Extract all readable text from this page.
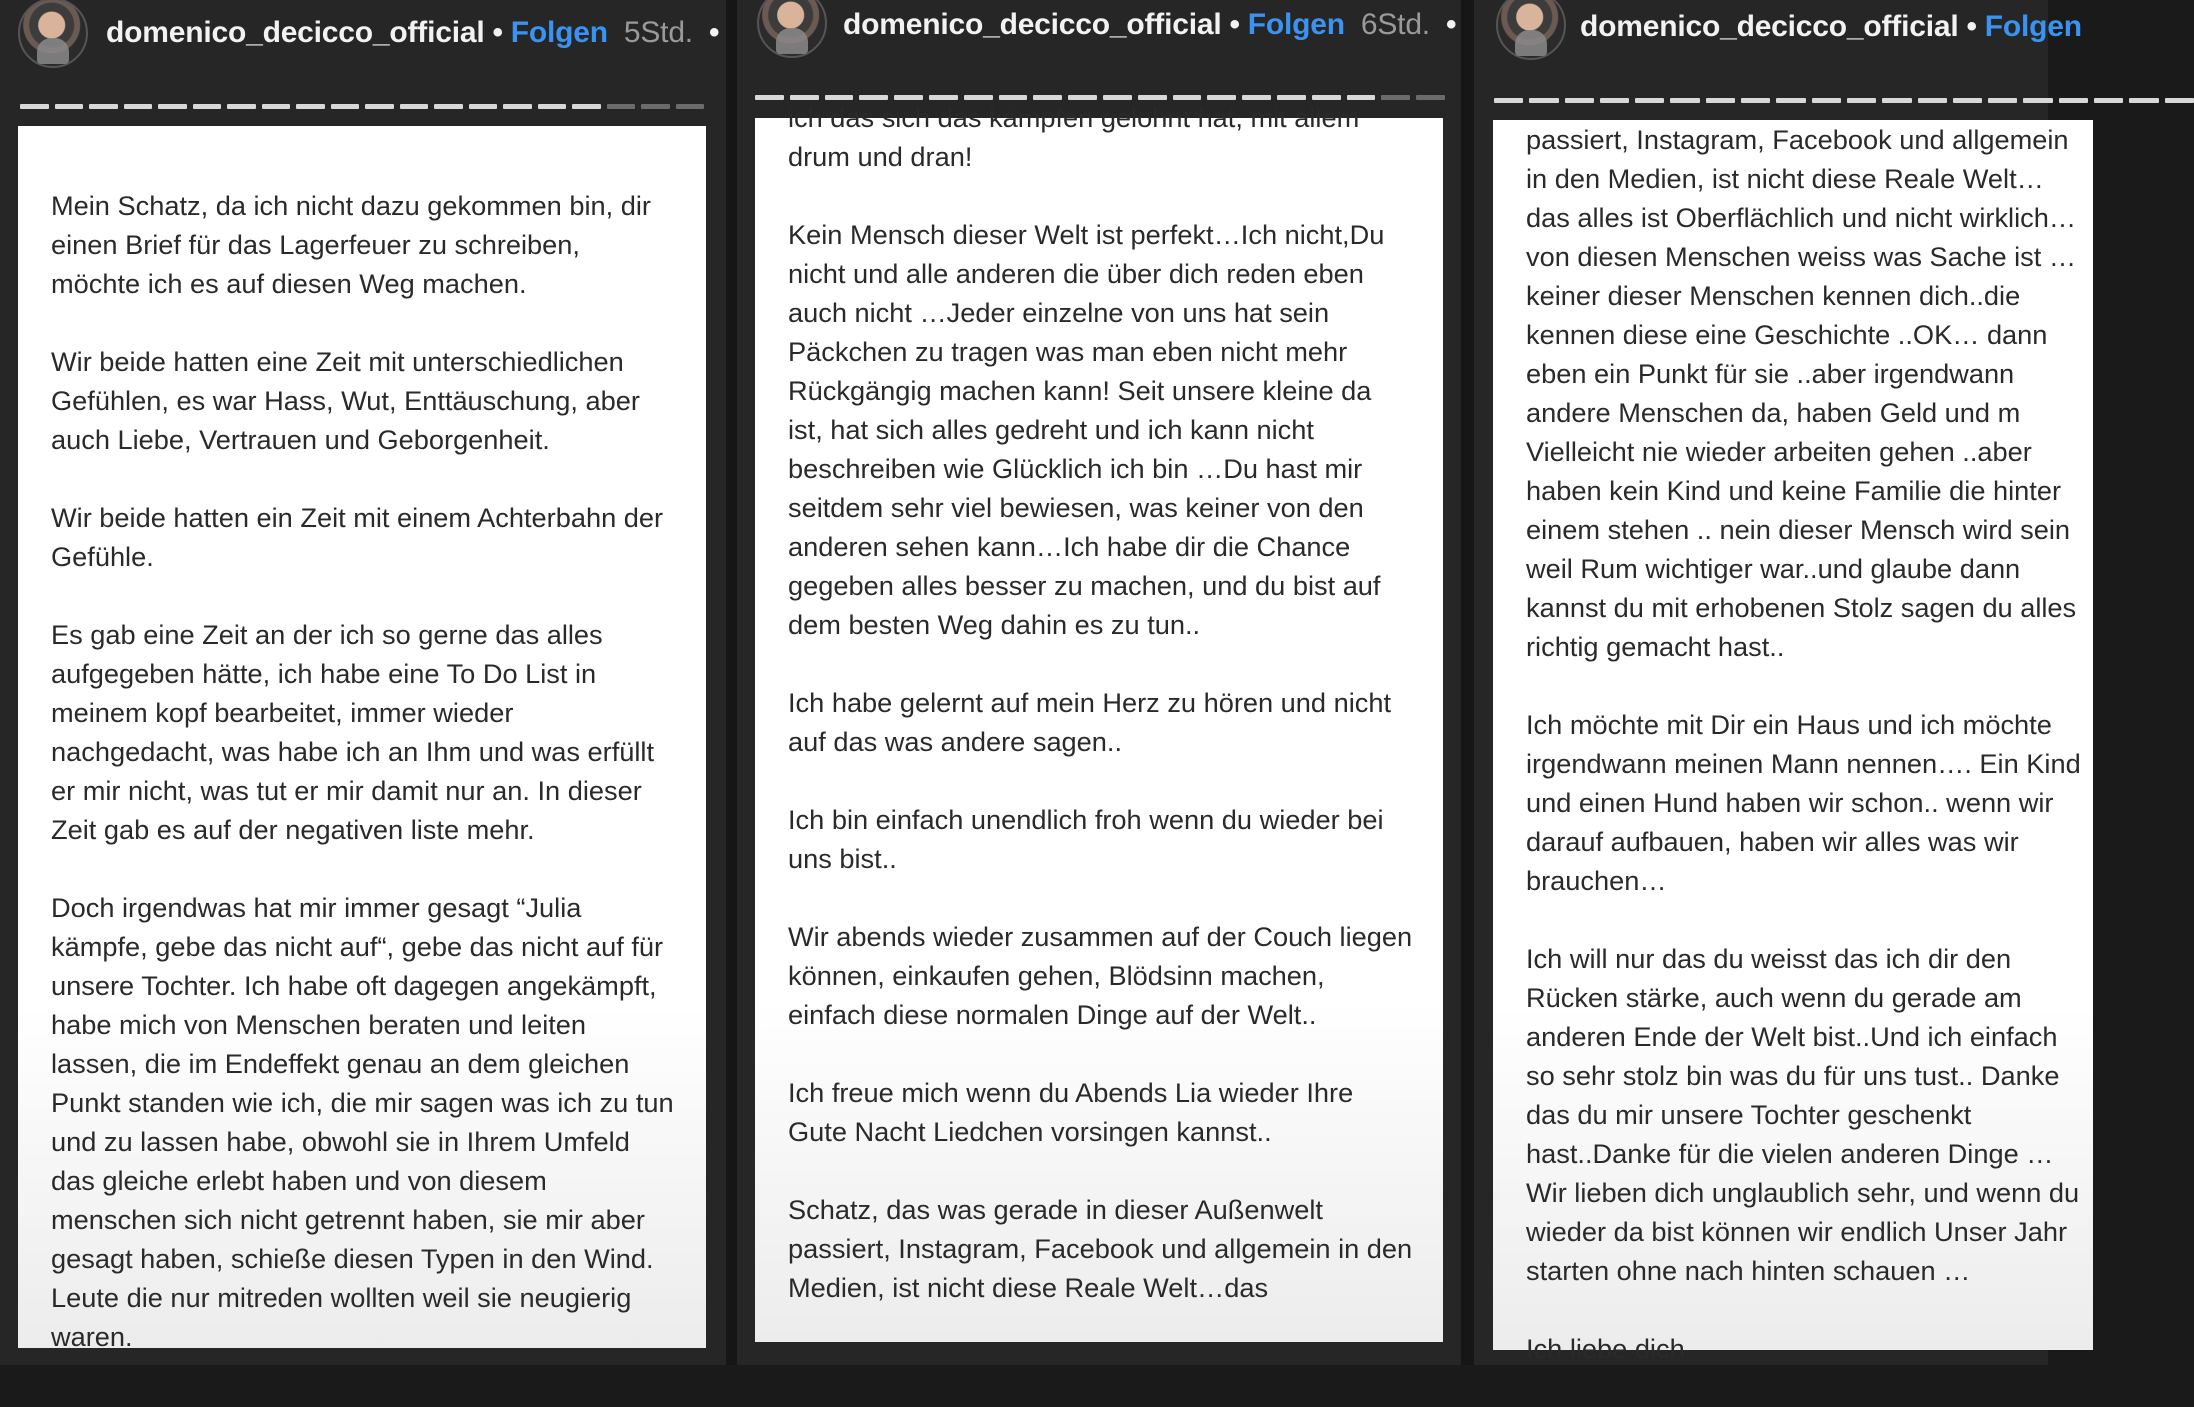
domenico_decicco_official • Folgen 5Std. •

Mein Schatz, da ich nicht dazu gekommen bin, dir einen Brief für das Lagerfeuer zu schreiben, möchte ich es auf diesen Weg machen.

Wir beide hatten eine Zeit mit unterschiedlichen Gefühlen, es war Hass, Wut, Enttäuschung, aber auch Liebe, Vertrauen und Geborgenheit.

Wir beide hatten ein Zeit mit einem Achterbahn der Gefühle.

Es gab eine Zeit an der ich so gerne das alles aufgegeben hätte, ich habe eine To Do List in meinem kopf bearbeitet, immer wieder nachgedacht, was habe ich an Ihm und was erfüllt er mir nicht, was tut er mir damit nur an. In dieser Zeit gab es auf der negativen liste mehr.

Doch irgendwas hat mir immer gesagt “Julia kämpfe, gebe das nicht auf“, gebe das nicht auf für unsere Tochter. Ich habe oft dagegen angekämpft, habe mich von Menschen beraten und leiten lassen, die im Endeffekt genau an dem gleichen Punkt standen wie ich, die mir sagen was ich zu tun und zu lassen habe, obwohl sie in Ihrem Umfeld das gleiche erlebt haben und von diesem menschen sich nicht getrennt haben, sie mir aber gesagt haben, schieße diesen Typen in den Wind. Leute die nur mitreden wollten weil sie neugierig waren.

domenico_decicco_official • Folgen 6Std. •

ich das sich das kämpfen gelohnt hat, mit allem drum und dran!

Kein Mensch dieser Welt ist perfekt…Ich nicht,Du nicht und alle anderen die über dich reden eben auch nicht …Jeder einzelne von uns hat sein Päckchen zu tragen was man eben nicht mehr Rückgängig machen kann! Seit unsere kleine da ist, hat sich alles gedreht und ich kann nicht beschreiben wie Glücklich ich bin …Du hast mir seitdem sehr viel bewiesen, was keiner von den anderen sehen kann…Ich habe dir die Chance gegeben alles besser zu machen, und du bist auf dem besten Weg dahin es zu tun..

Ich habe gelernt auf mein Herz zu hören und nicht auf das was andere sagen..

Ich bin einfach unendlich froh wenn du wieder bei uns bist..

Wir abends wieder zusammen auf der Couch liegen können, einkaufen gehen, Blödsinn machen, einfach diese normalen Dinge auf der Welt..

Ich freue mich wenn du Abends Lia wieder Ihre Gute Nacht Liedchen vorsingen kannst..

Schatz, das was gerade in dieser Außenwelt passiert, Instagram, Facebook und allgemein in den Medien, ist nicht diese Reale Welt…das

domenico_decicco_official • Folgen

passiert, Instagram, Facebook und allgemein in den Medien, ist nicht diese Reale Welt…das alles ist Oberflächlich und nicht wirklich… von diesen Menschen weiss was Sache ist …keiner dieser Menschen kennen dich..die kennen diese eine Geschichte ..OK… dann eben ein Punkt für sie ..aber irgendwann andere Menschen da, haben Geld und m Vielleicht nie wieder arbeiten gehen ..aber haben kein Kind und keine Familie die hinter einem stehen .. nein dieser Mensch wird sein weil Rum wichtiger war..und glaube dann kannst du mit erhobenen Stolz sagen du alles richtig gemacht hast..

Ich möchte mit Dir ein Haus und ich möchte irgendwann meinen Mann nennen…. Ein Kind und einen Hund haben wir schon.. wenn wir darauf aufbauen, haben wir alles was wir brauchen…

Ich will nur das du weisst das ich dir den Rücken stärke, auch wenn du gerade am anderen Ende der Welt bist..Und ich einfach so sehr stolz bin was du für uns tust.. Danke das du mir unsere Tochter geschenkt hast..Danke für die vielen anderen Dinge …Wir lieben dich unglaublich sehr, und wenn du wieder da bist können wir endlich Unser Jahr starten ohne nach hinten schauen …

Ich liebe dich
